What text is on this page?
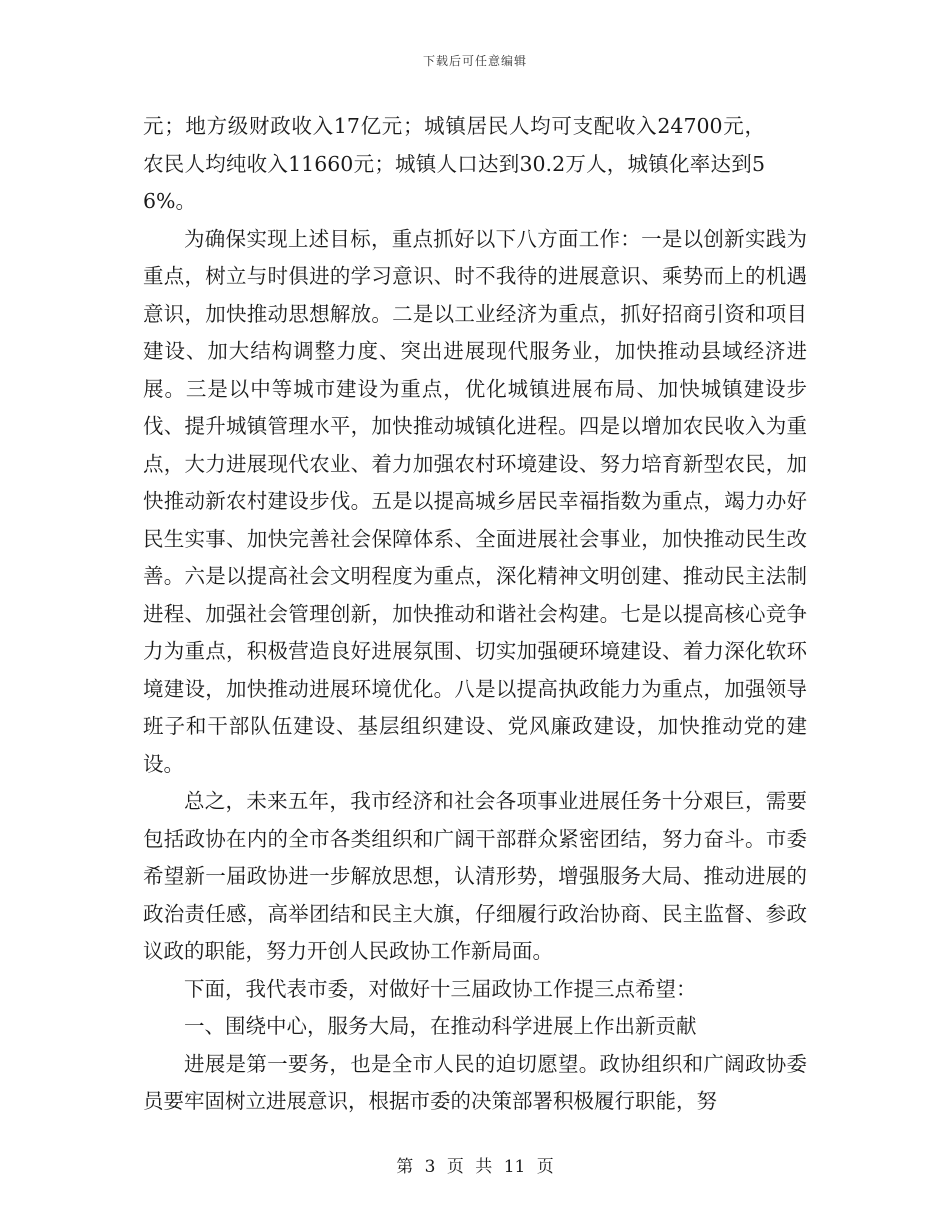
下载后可任意编辑

元；地方级财政收入17亿元；城镇居民人均可支配收入24700元，农民人均纯收入11660元；城镇人口达到30.2万人，城镇化率达到56%。

为确保实现上述目标，重点抓好以下八方面工作：一是以创新实践为重点，树立与时俱进的学习意识、时不我待的进展意识、乘势而上的机遇意识，加快推动思想解放。二是以工业经济为重点，抓好招商引资和项目建设、加大结构调整力度、突出进展现代服务业，加快推动县域经济进展。三是以中等城市建设为重点，优化城镇进展布局、加快城镇建设步伐、提升城镇管理水平，加快推动城镇化进程。四是以增加农民收入为重点，大力进展现代农业、着力加强农村环境建设、努力培育新型农民，加快推动新农村建设步伐。五是以提高城乡居民幸福指数为重点，竭力办好民生实事、加快完善社会保障体系、全面进展社会事业，加快推动民生改善。六是以提高社会文明程度为重点，深化精神文明创建、推动民主法制进程、加强社会管理创新，加快推动和谐社会构建。七是以提高核心竞争力为重点，积极营造良好进展氛围、切实加强硬环境建设、着力深化软环境建设，加快推动进展环境优化。八是以提高执政能力为重点，加强领导班子和干部队伍建设、基层组织建设、党风廉政建设，加快推动党的建设。

总之，未来五年，我市经济和社会各项事业进展任务十分艰巨，需要包括政协在内的全市各类组织和广阔干部群众紧密团结，努力奋斗。市委希望新一届政协进一步解放思想，认清形势，增强服务大局、推动进展的政治责任感，高举团结和民主大旗，仔细履行政治协商、民主监督、参政议政的职能，努力开创人民政协工作新局面。

下面，我代表市委，对做好十三届政协工作提三点希望：

一、围绕中心，服务大局，在推动科学进展上作出新贡献

进展是第一要务，也是全市人民的迫切愿望。政协组织和广阔政协委员要牢固树立进展意识，根据市委的决策部署积极履行职能，努

第 3 页 共 11 页
